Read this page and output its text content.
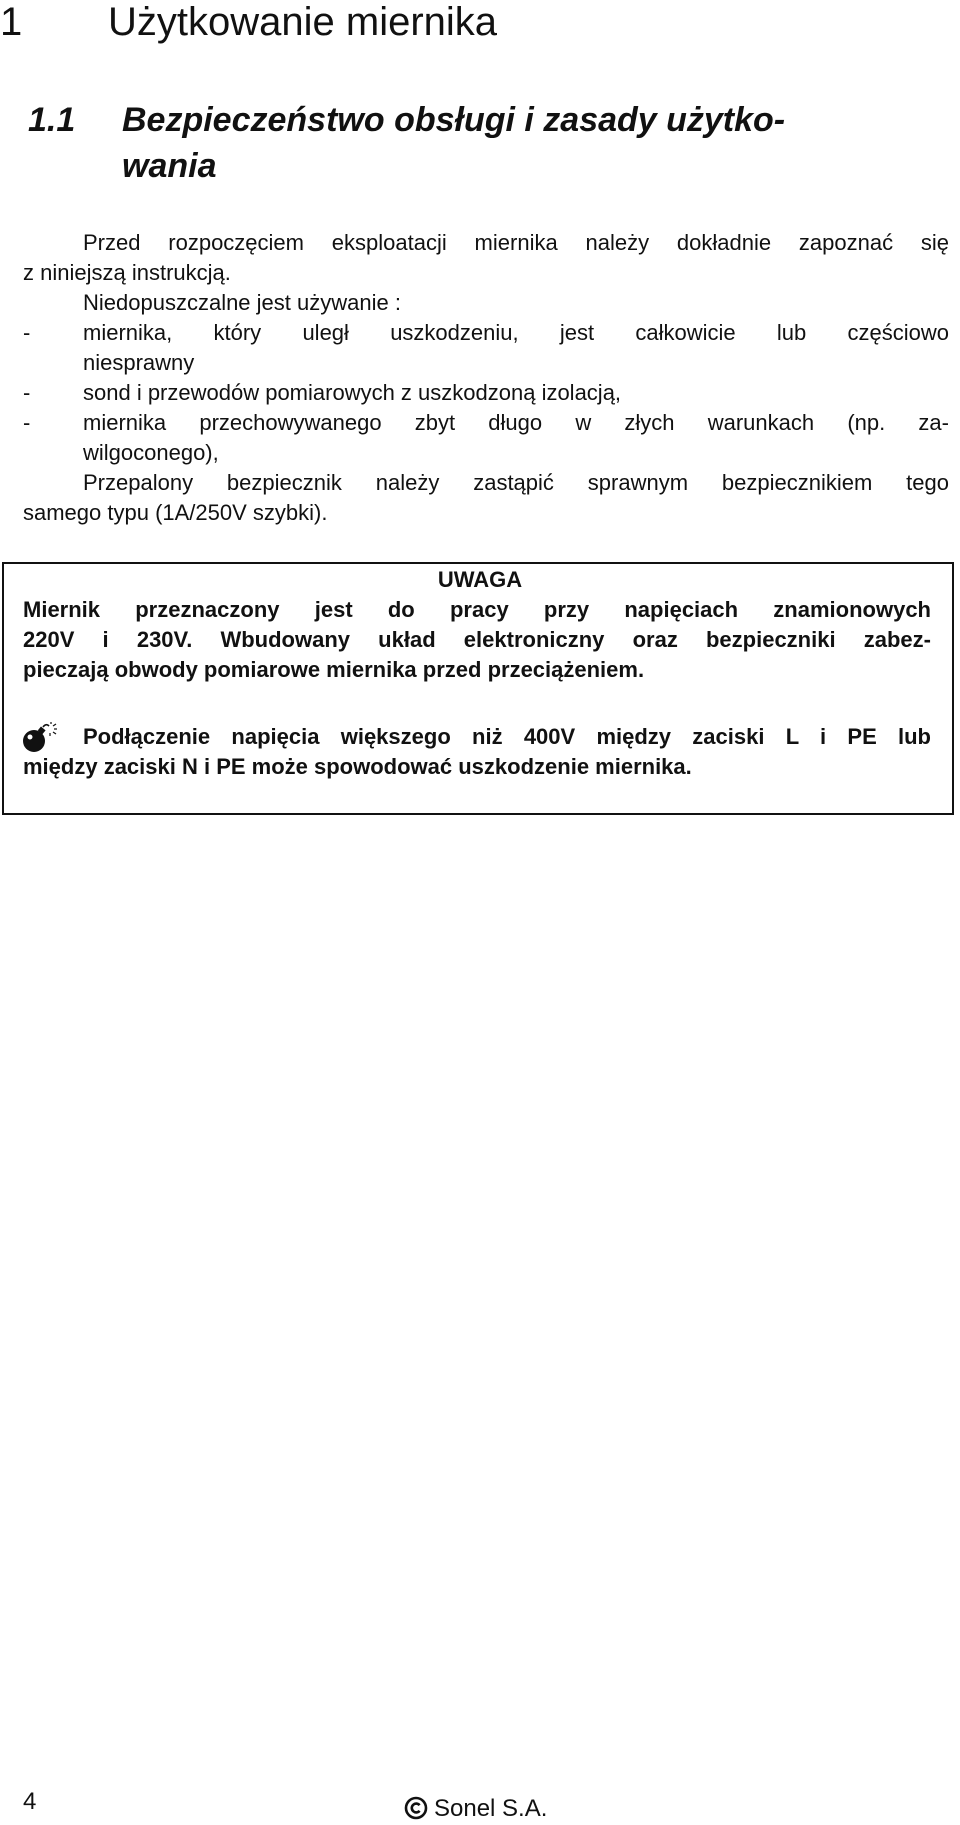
1 Użytkowanie miernika
1.1 Bezpieczeństwo obsługi i zasady użytko-
wania
Przed rozpoczęciem eksploatacji miernika należy dokładnie zapoznać się
z niniejszą instrukcją.
Niedopuszczalne jest używanie :
- miernika, który uległ uszkodzeniu, jest całkowicie lub częściowo
niesprawny
- sond i przewodów pomiarowych z uszkodzoną izolacją,
- miernika przechowywanego zbyt długo w złych warunkach (np. za-
wilgoconego),
Przepalony bezpiecznik należy zastąpić sprawnym bezpiecznikiem tego
samego typu (1A/250V szybki).
UWAGA
Miernik przeznaczony jest do pracy przy napięciach znamionowych
220V i 230V. Wbudowany układ elektroniczny oraz bezpieczniki zabez-
pieczają obwody pomiarowe miernika przed przeciążeniem.
Podłączenie napięcia większego niż 400V między zaciski L i PE lub
między zaciski N i PE może spowodować uszkodzenie miernika.
4	Sonel S.A.
